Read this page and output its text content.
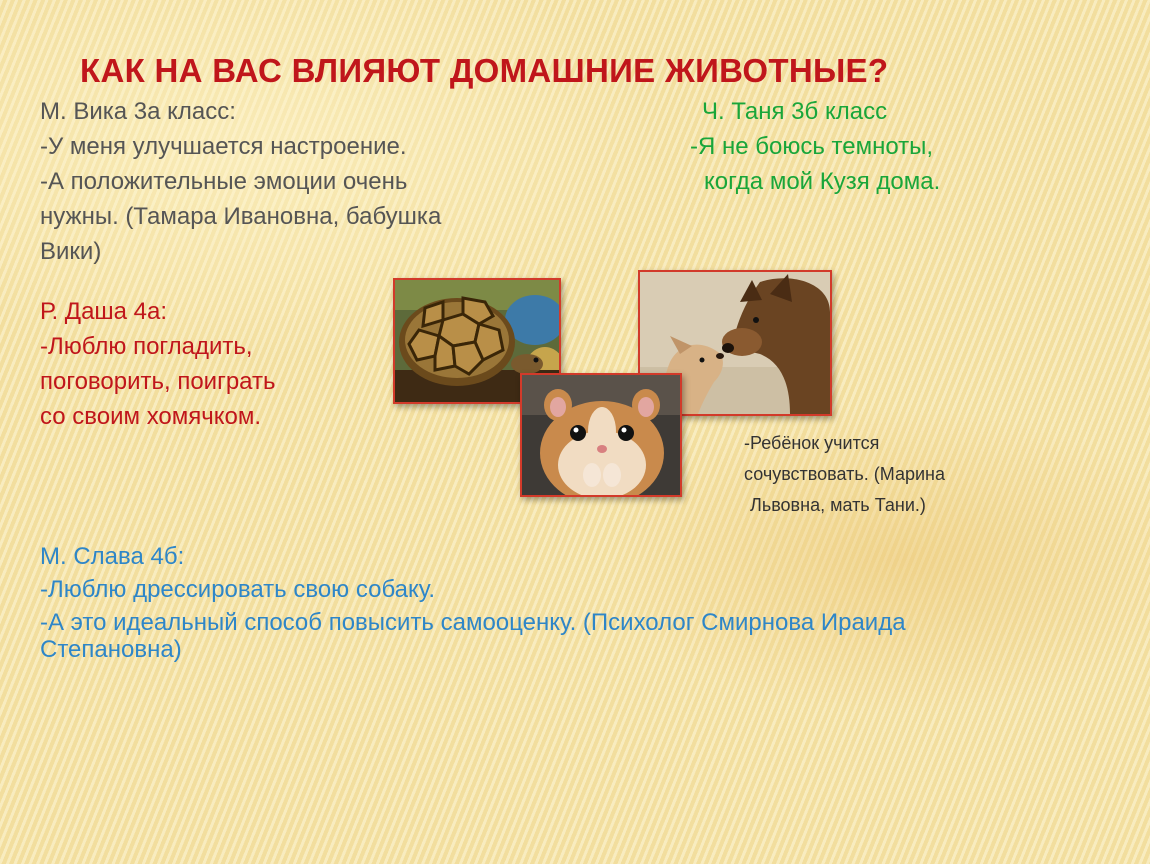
КАК НА ВАС ВЛИЯЮТ ДОМАШНИЕ ЖИВОТНЫЕ?

М. Вика 3а класс:

-У меня улучшается настроение.

-А положительные эмоции очень

нужны. (Тамара Ивановна, бабушка

Вики)

Ч. Таня 3б класс

-Я не боюсь темноты,

когда мой Кузя дома.

Р. Даша 4а:

-Люблю погладить,

поговорить, поиграть

со своим хомячком.

-Ребёнок учится

сочувствовать. (Марина

Львовна, мать Тани.)

М. Слава 4б:

-Люблю дрессировать свою собаку.

-А это идеальный способ повысить самооценку. (Психолог Смирнова Ираида

Степановна)
